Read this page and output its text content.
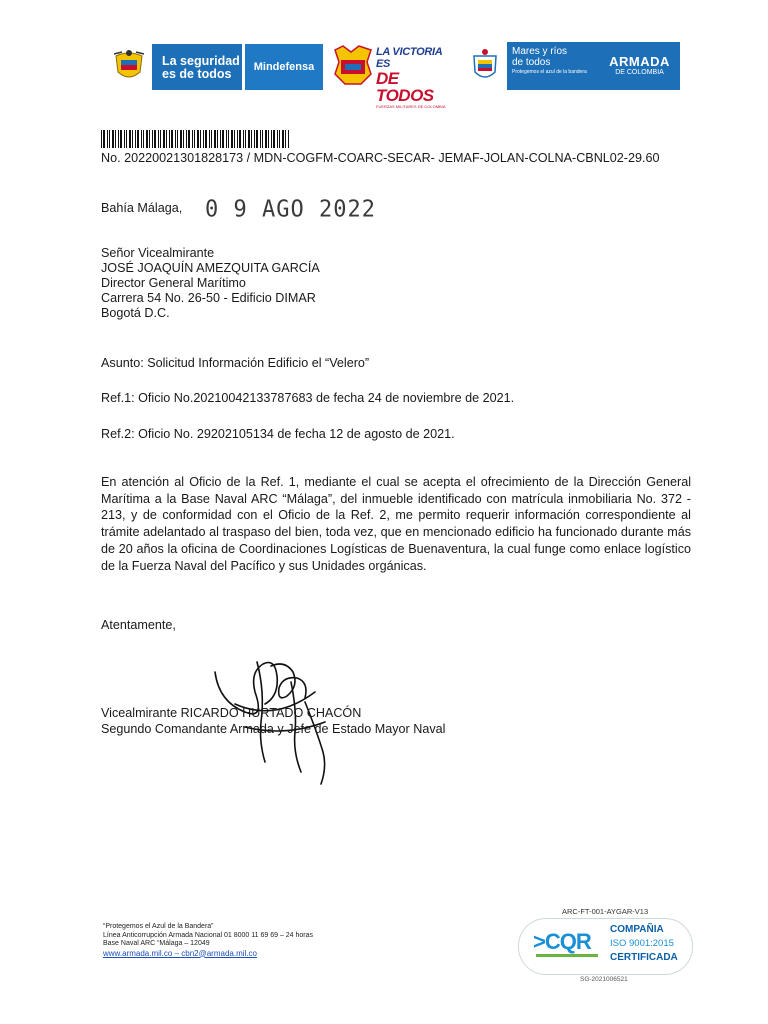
La seguridad
es de todos	Mindefensa
LA VICTORIA ES
DE TODOS
FUERZAS MILITARES DE COLOMBIA
Mares y ríos
de todos
Protegemos el azul de la bandera
ARMADA
DE COLOMBIA
No. 20220021301828173 / MDN-COGFM-COARC-SECAR- JEMAF-JOLAN-COLNA-CBNL02-29.60
Bahía Málaga, 0 9 AGO 2022
Señor Vicealmirante
JOSÉ JOAQUÍN AMEZQUITA GARCÍA
Director General Marítimo
Carrera 54 No. 26-50 - Edificio DIMAR
Bogotá D.C.
Asunto: Solicitud Información Edificio el “Velero”
Ref.1: Oficio No.20210042133787683 de fecha 24 de noviembre de 2021.
Ref.2: Oficio No. 29202105134 de fecha 12 de agosto de 2021.
En atención al Oficio de la Ref. 1, mediante el cual se acepta el ofrecimiento de la Dirección General Marítima a la Base Naval ARC “Málaga”, del inmueble identificado con matrícula inmobiliaria No. 372 - 213, y de conformidad con el Oficio de la Ref. 2, me permito requerir información correspondiente al trámite adelantado al traspaso del bien, toda vez, que en mencionado edificio ha funcionado durante más de 20 años la oficina de Coordinaciones Logísticas de Buenaventura, la cual funge como enlace logístico de la Fuerza Naval del Pacífico y sus Unidades orgánicas.
Atentamente,
Vicealmirante RICARDO HURTADO CHACÓN
Segundo Comandante Armada y Jefe de Estado Mayor Naval
“Protegemos el Azul de la Bandera”
Línea Anticorrupción Armada Nacional 01 8000 11 69 69 – 24 horas
Base Naval ARC “Málaga – 12049
www.armada.mil.co – cbn2@armada.mil.co
ARC-FT-001-AYGAR-V13
>CQR COMPAÑIA
ISO 9001:2015
CERTIFICADA
SG-2021006521
